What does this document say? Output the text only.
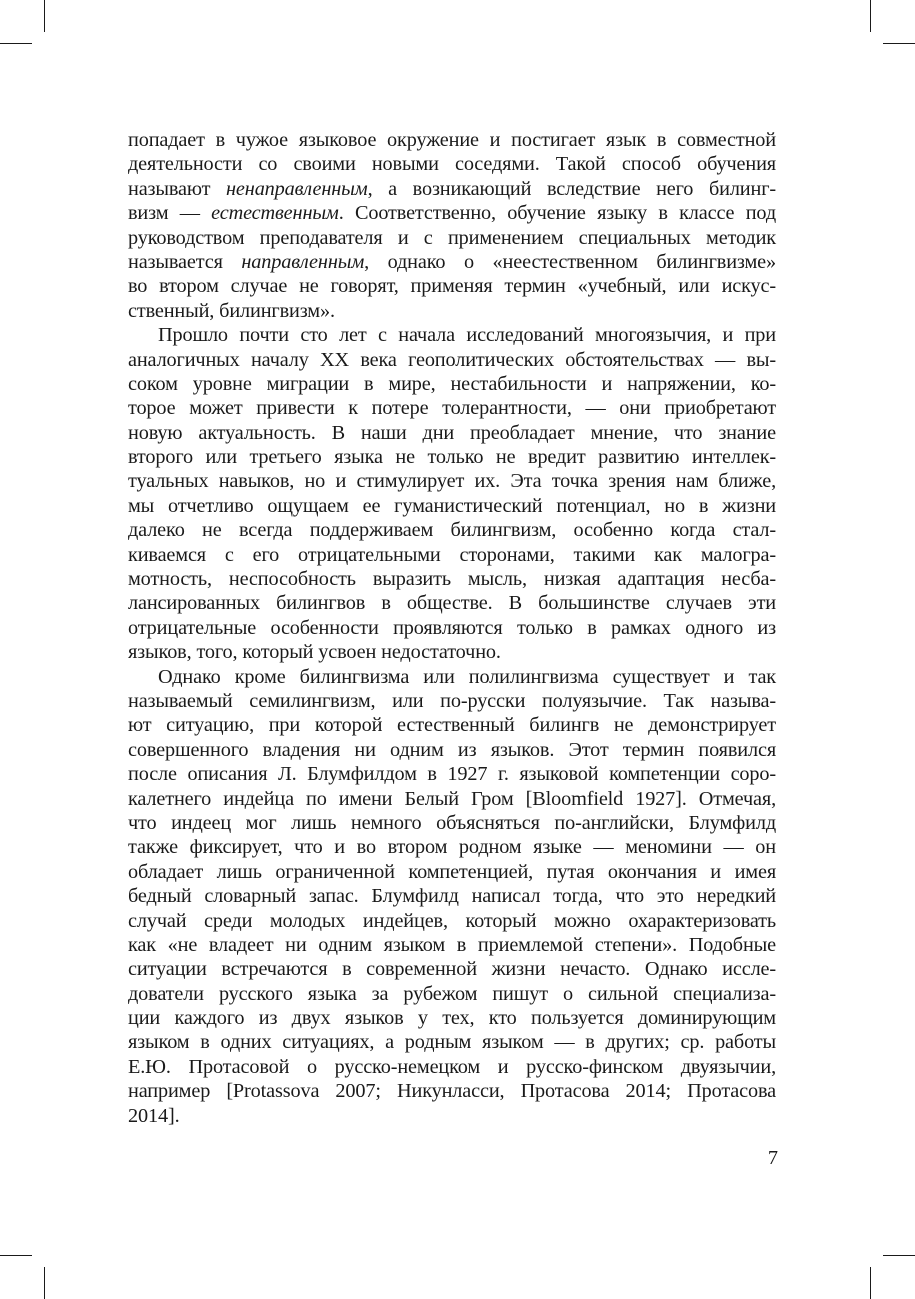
попадает в чужое языковое окружение и постигает язык в совместной
деятельности со своими новыми соседями. Такой способ обучения
называют ненаправленным, а возникающий вследствие него билинг-
визм — естественным. Соответственно, обучение языку в классе под
руководством преподавателя и с применением специальных методик
называется направленным, однако о «неестественном билингвизме»
во втором случае не говорят, применяя термин «учебный, или искус-
ственный, билингвизм».
Прошло почти сто лет с начала исследований многоязычия, и при
аналогичных началу XX века геополитических обстоятельствах — вы-
соком уровне миграции в мире, нестабильности и напряжении, ко-
торое может привести к потере толерантности, — они приобретают
новую актуальность. В наши дни преобладает мнение, что знание
второго или третьего языка не только не вредит развитию интеллек-
туальных навыков, но и стимулирует их. Эта точка зрения нам ближе,
мы отчетливо ощущаем ее гуманистический потенциал, но в жизни
далеко не всегда поддерживаем билингвизм, особенно когда стал-
киваемся с его отрицательными сторонами, такими как малогра-
мотность, неспособность выразить мысль, низкая адаптация несба-
лансированных билингвов в обществе. В большинстве случаев эти
отрицательные особенности проявляются только в рамках одного из
языков, того, который усвоен недостаточно.
Однако кроме билингвизма или полилингвизма существует и так
называемый семилингвизм, или по-русски полуязычие. Так называ-
ют ситуацию, при которой естественный билингв не демонстрирует
совершенного владения ни одним из языков. Этот термин появился
после описания Л. Блумфилдом в 1927 г. языковой компетенции соро-
калетнего индейца по имени Белый Гром [Bloomfield 1927]. Отмечая,
что индеец мог лишь немного объясняться по-английски, Блумфилд
также фиксирует, что и во втором родном языке — меномини — он
обладает лишь ограниченной компетенцией, путая окончания и имея
бедный словарный запас. Блумфилд написал тогда, что это нередкий
случай среди молодых индейцев, который можно охарактеризовать
как «не владеет ни одним языком в приемлемой степени». Подобные
ситуации встречаются в современной жизни нечасто. Однако иссле-
дователи русского языка за рубежом пишут о сильной специализа-
ции каждого из двух языков у тех, кто пользуется доминирующим
языком в одних ситуациях, а родным языком — в других; ср. работы
Е.Ю. Протасовой о русско-немецком и русско-финском двуязычии,
например [Protassova 2007; Никунласси, Протасова 2014; Протасова
2014].
7
